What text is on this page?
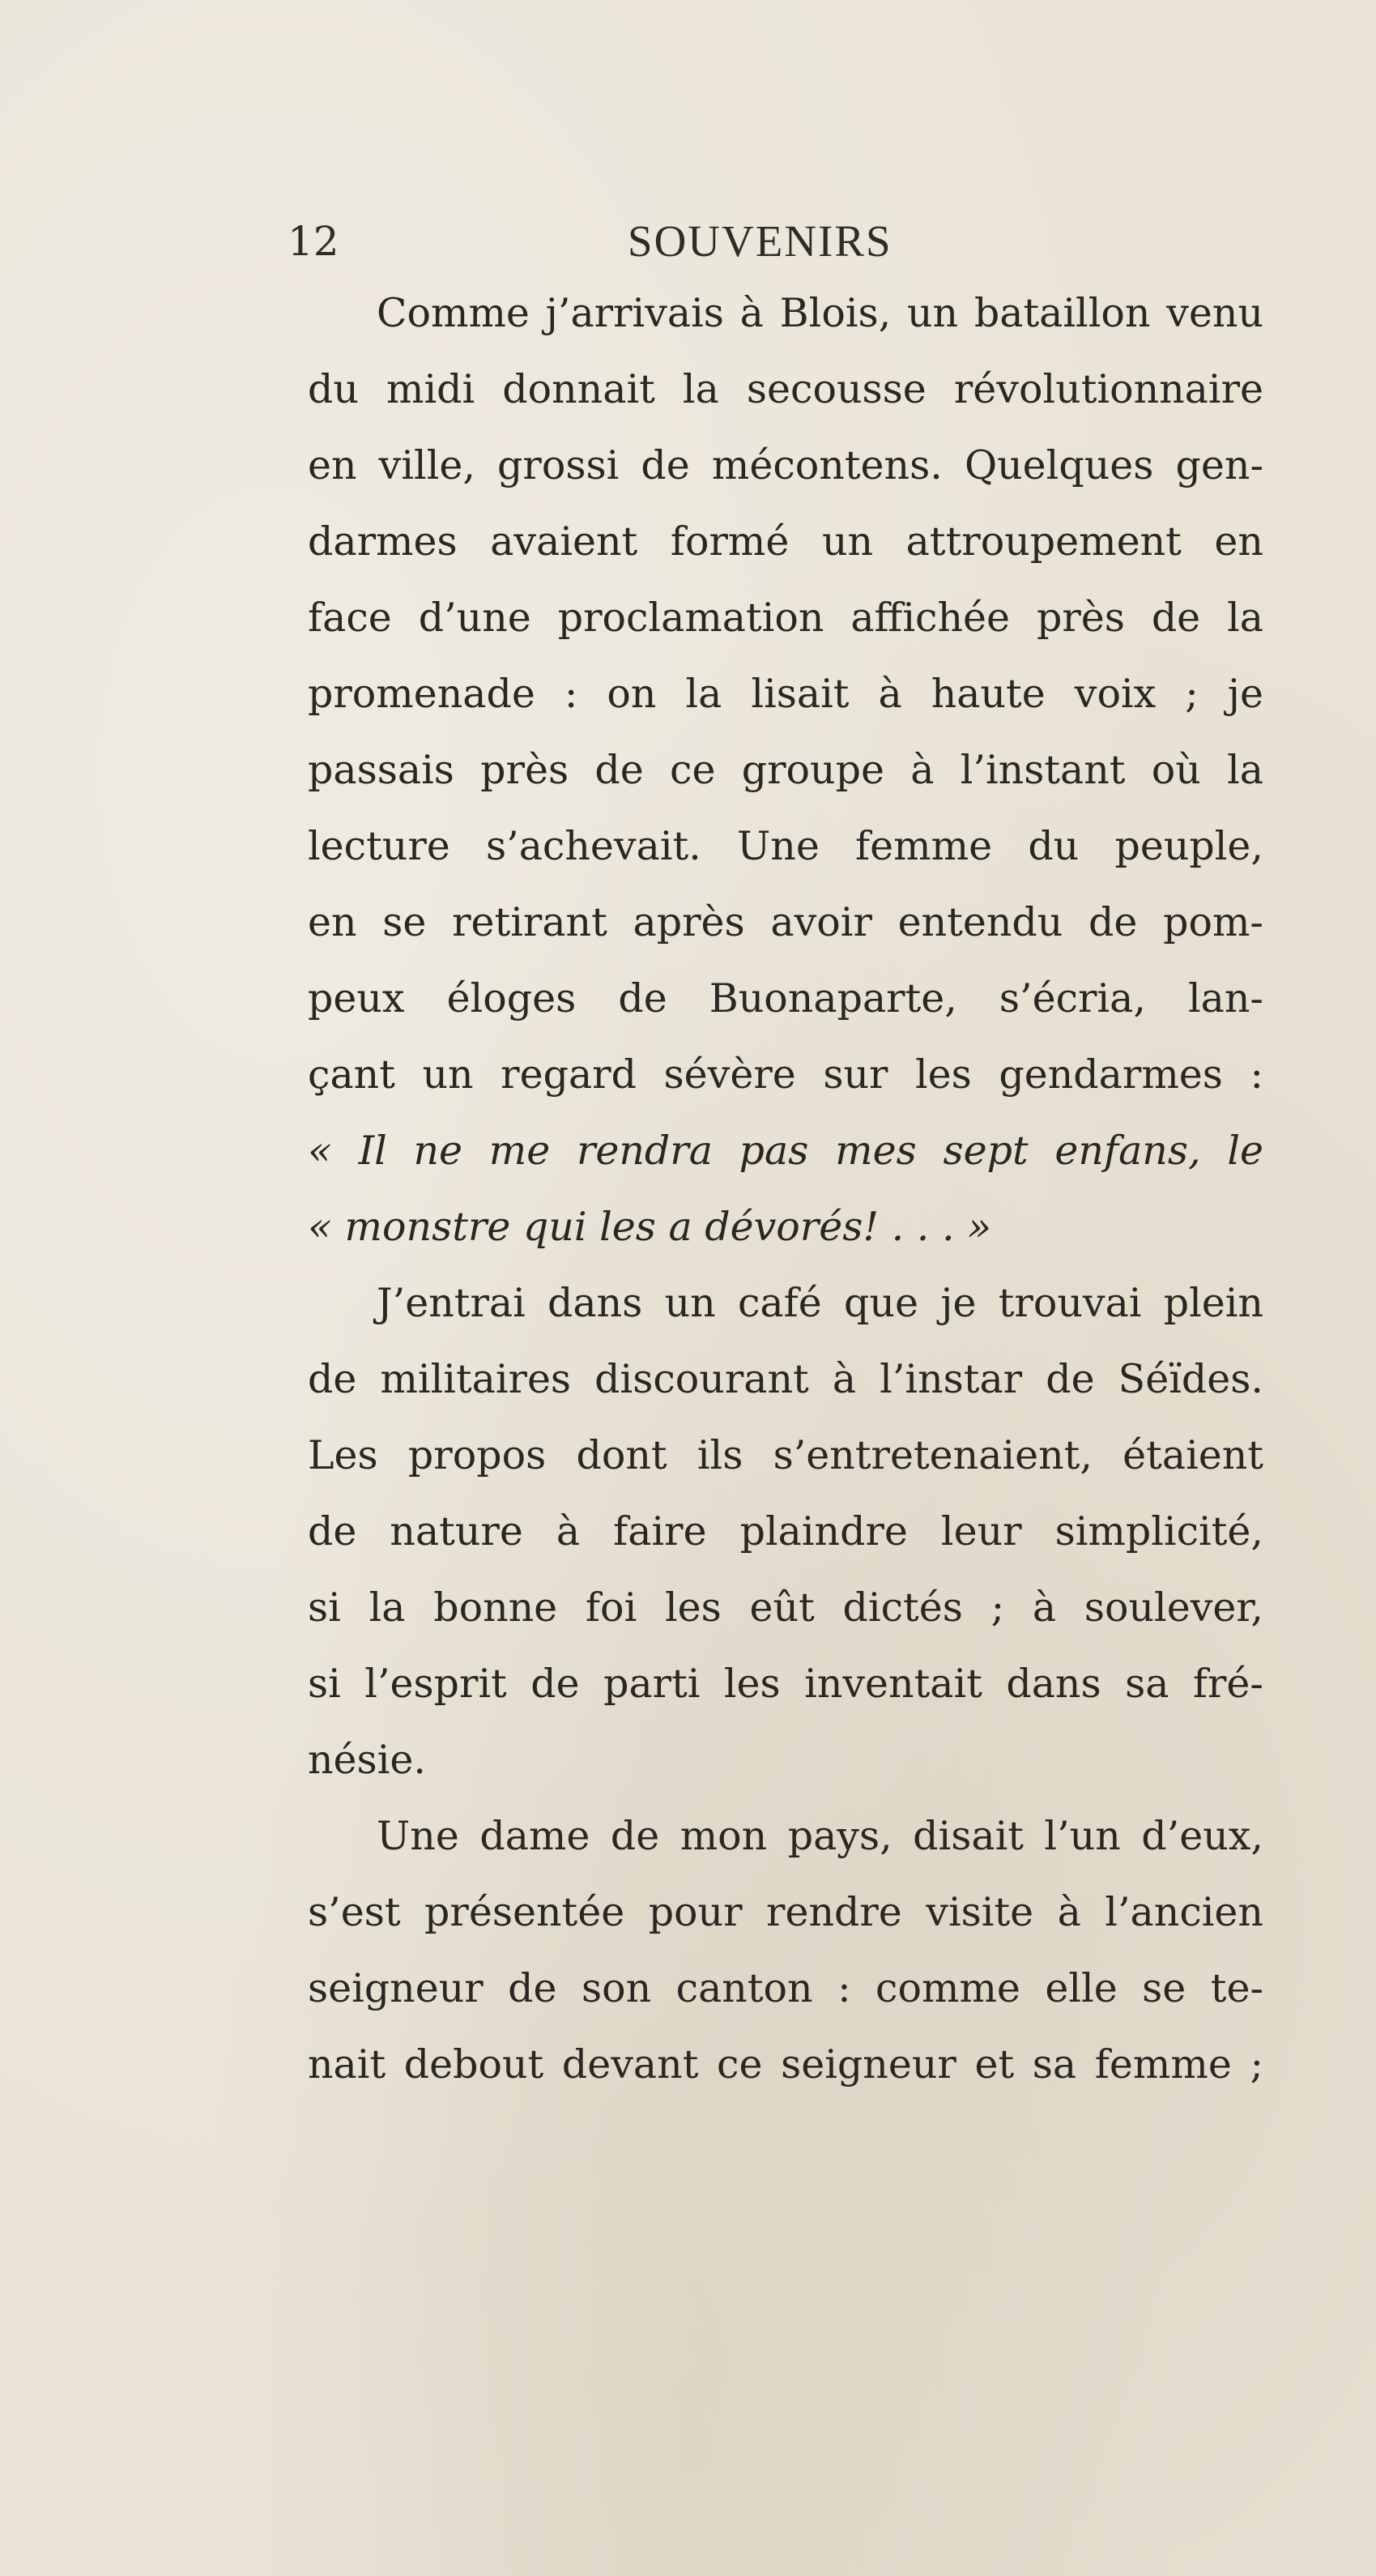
12	SOUVENIRS
Comme j’arrivais à Blois, un bataillon venu
du midi donnait la secousse révolutionnaire
en ville, grossi de mécontens. Quelques gen-
darmes avaient formé un attroupement en
face d’une proclamation affichée près de la
promenade : on la lisait à haute voix ; je
passais près de ce groupe à l’instant où la
lecture s’achevait. Une femme du peuple,
en se retirant après avoir entendu de pom-
peux éloges de Buonaparte, s’écria, lan-
çant un regard sévère sur les gendarmes :
« Il ne me rendra pas mes sept enfans, le
« monstre qui les a dévorés! . . . »
J’entrai dans un café que je trouvai plein
de militaires discourant à l’instar de Séïdes.
Les propos dont ils s’entretenaient, étaient
de nature à faire plaindre leur simplicité,
si la bonne foi les eût dictés ; à soulever,
si l’esprit de parti les inventait dans sa fré-
nésie.
Une dame de mon pays, disait l’un d’eux,
s’est présentée pour rendre visite à l’ancien
seigneur de son canton : comme elle se te-
nait debout devant ce seigneur et sa femme ;
